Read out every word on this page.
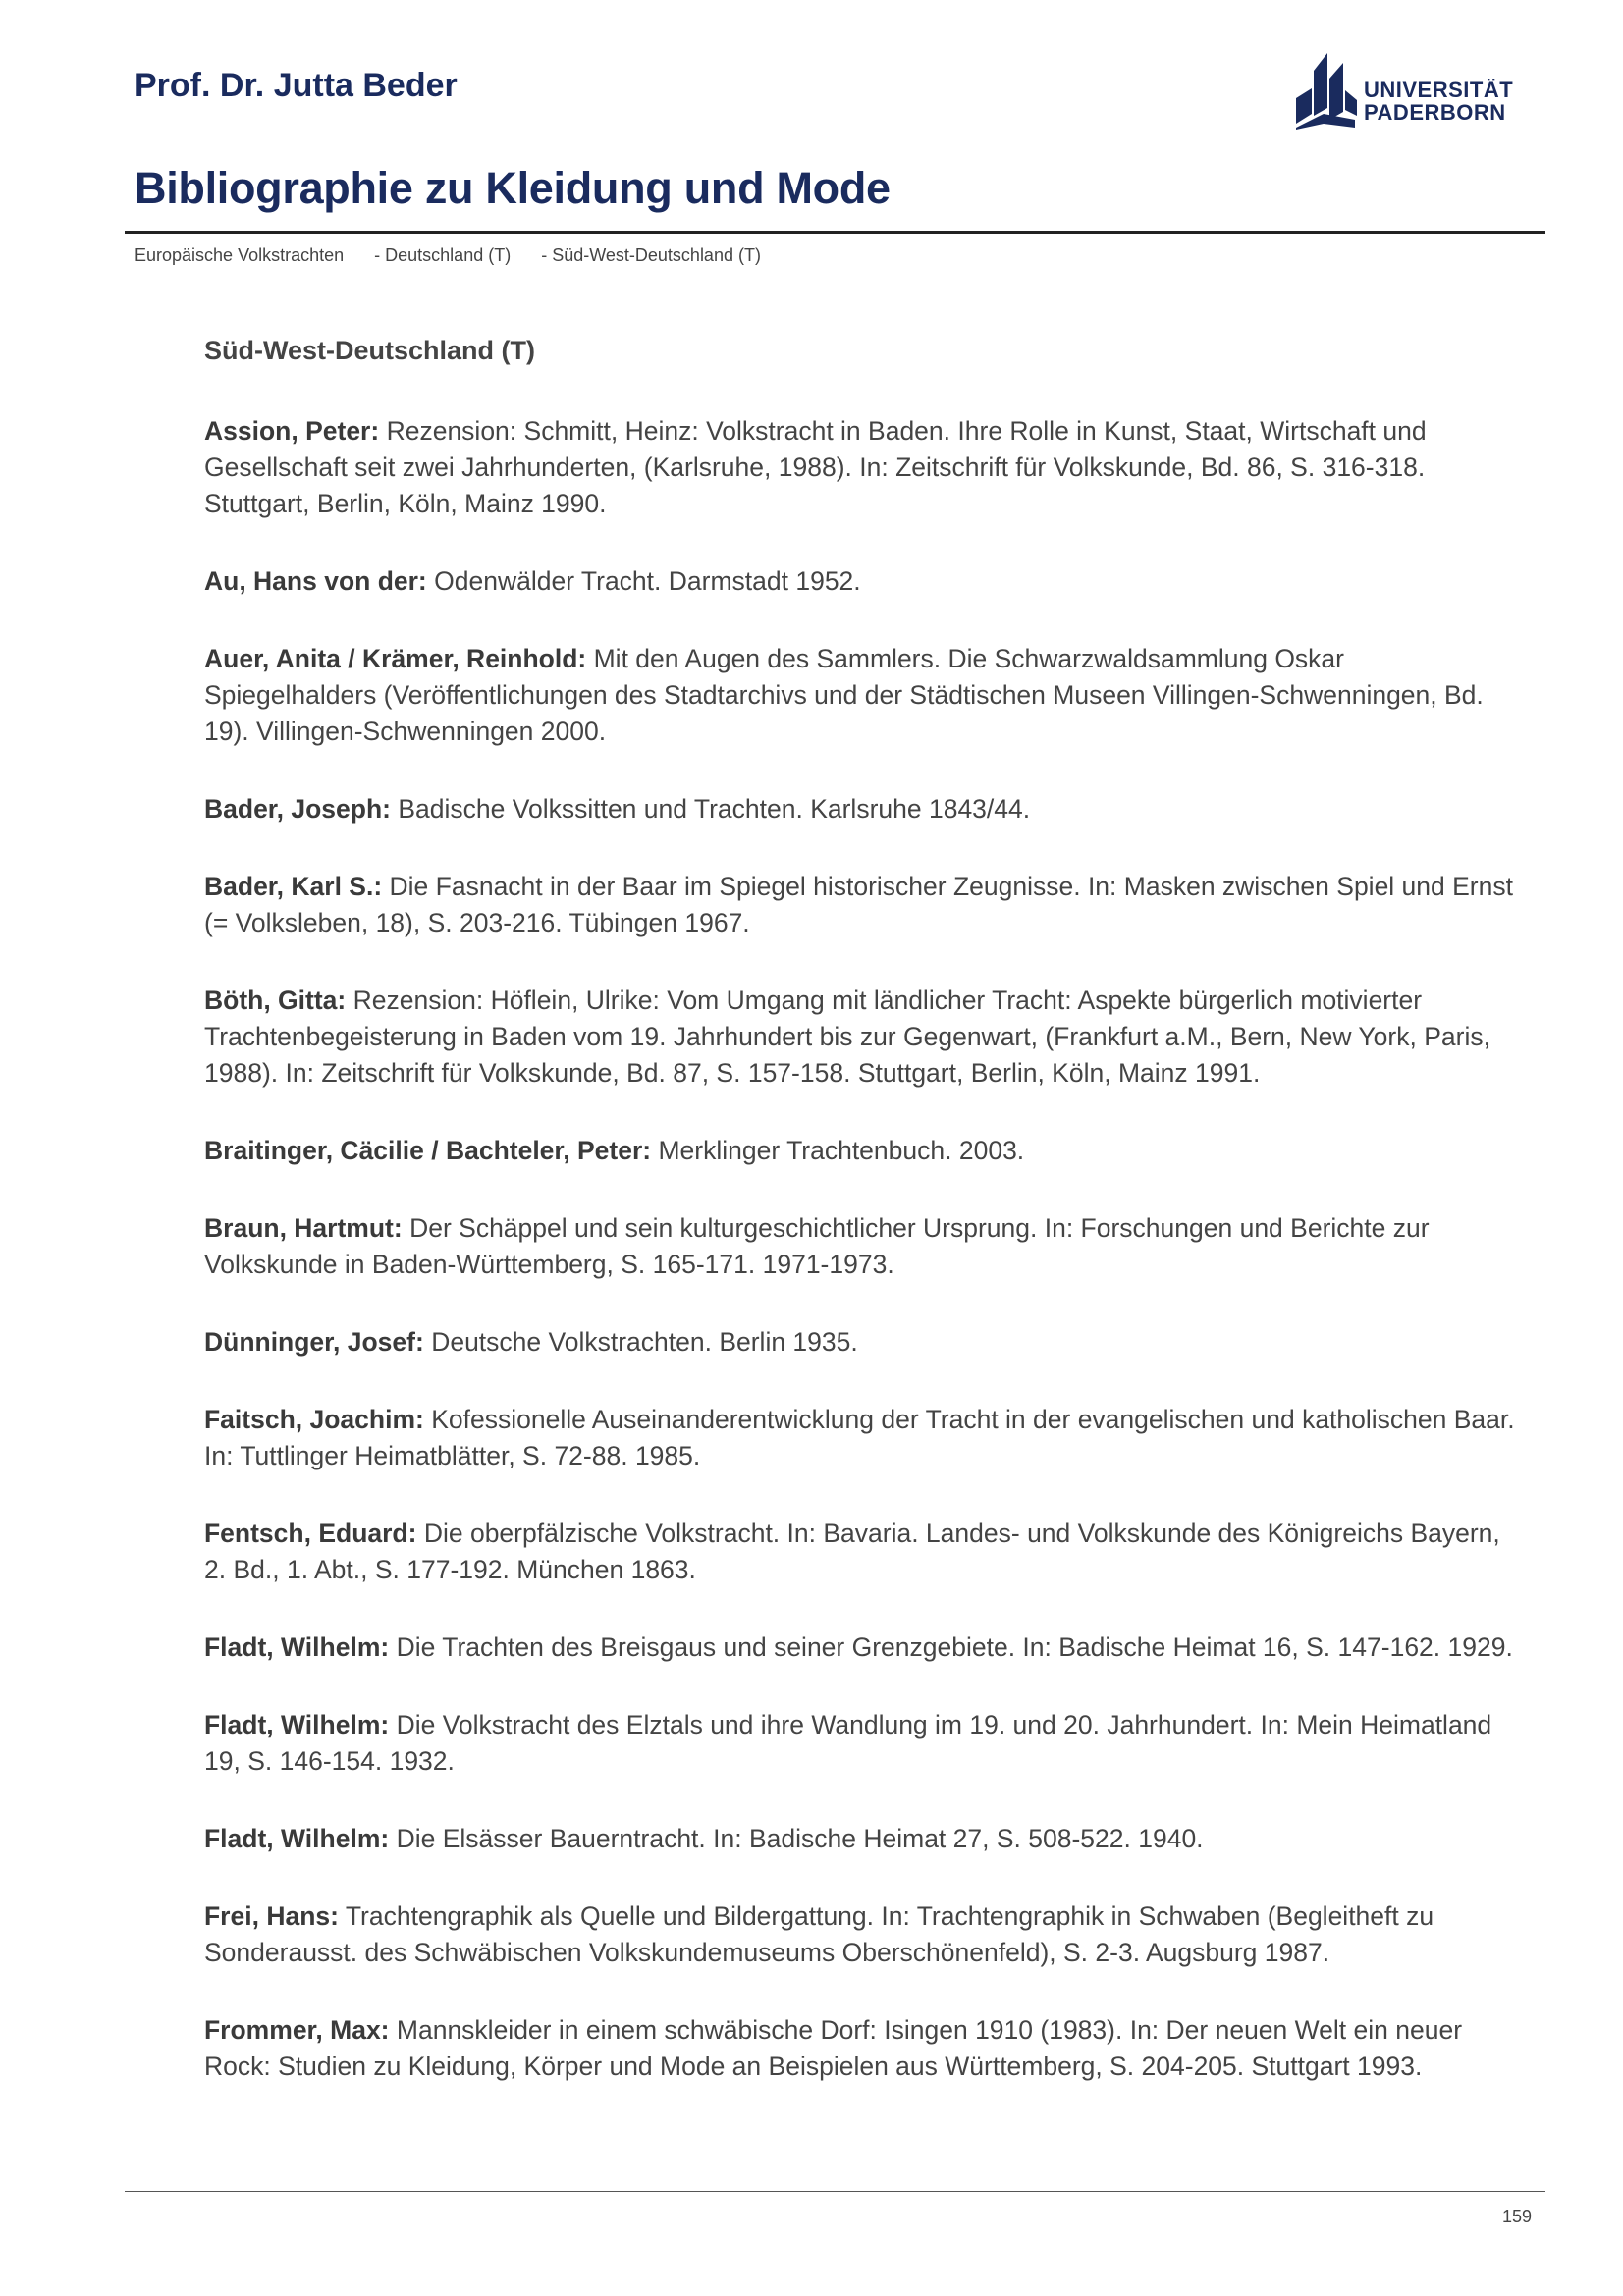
Prof. Dr. Jutta Beder	UNIVERSITÄT
PADERBORN
Bibliographie zu Kleidung und Mode
Europäische Volkstrachten - Deutschland (T) - Süd-West-Deutschland (T)
Süd-West-Deutschland (T)

Assion, Peter: Rezension: Schmitt, Heinz: Volkstracht in Baden. Ihre Rolle in Kunst, Staat, Wirtschaft und Gesellschaft seit zwei Jahrhunderten, (Karlsruhe, 1988). In: Zeitschrift für Volkskunde, Bd. 86, S. 316-318. Stuttgart, Berlin, Köln, Mainz 1990.

Au, Hans von der: Odenwälder Tracht. Darmstadt 1952.

Auer, Anita / Krämer, Reinhold: Mit den Augen des Sammlers. Die Schwarzwaldsammlung Oskar Spiegelhalders (Veröffentlichungen des Stadtarchivs und der Städtischen Museen Villingen-Schwenningen, Bd. 19). Villingen-Schwenningen 2000.

Bader, Joseph: Badische Volkssitten und Trachten. Karlsruhe 1843/44.

Bader, Karl S.: Die Fasnacht in der Baar im Spiegel historischer Zeugnisse. In: Masken zwischen Spiel und Ernst (= Volksleben, 18), S. 203-216. Tübingen 1967.

Böth, Gitta: Rezension: Höflein, Ulrike: Vom Umgang mit ländlicher Tracht: Aspekte bürgerlich motivierter Trachtenbegeisterung in Baden vom 19. Jahrhundert bis zur Gegenwart, (Frankfurt a.M., Bern, New York, Paris, 1988). In: Zeitschrift für Volkskunde, Bd. 87, S. 157-158. Stuttgart, Berlin, Köln, Mainz 1991.

Braitinger, Cäcilie / Bachteler, Peter: Merklinger Trachtenbuch. 2003.

Braun, Hartmut: Der Schäppel und sein kulturgeschichtlicher Ursprung. In: Forschungen und Berichte zur Volkskunde in Baden-Württemberg, S. 165-171. 1971-1973.

Dünninger, Josef: Deutsche Volkstrachten. Berlin 1935.

Faitsch, Joachim: Kofessionelle Auseinanderentwicklung der Tracht in der evangelischen und katholischen Baar. In: Tuttlinger Heimatblätter, S. 72-88. 1985.

Fentsch, Eduard: Die oberpfälzische Volkstracht. In: Bavaria. Landes- und Volkskunde des Königreichs Bayern, 2. Bd., 1. Abt., S. 177-192. München 1863.

Fladt, Wilhelm: Die Trachten des Breisgaus und seiner Grenzgebiete. In: Badische Heimat 16, S. 147-162. 1929.

Fladt, Wilhelm: Die Volkstracht des Elztals und ihre Wandlung im 19. und 20. Jahrhundert. In: Mein Heimatland 19, S. 146-154. 1932.

Fladt, Wilhelm: Die Elsässer Bauerntracht. In: Badische Heimat 27, S. 508-522. 1940.

Frei, Hans: Trachtengraphik als Quelle und Bildergattung. In: Trachtengraphik in Schwaben (Begleitheft zu Sonderausst. des Schwäbischen Volkskundemuseums Oberschönenfeld), S. 2-3. Augsburg 1987.

Frommer, Max: Mannskleider in einem schwäbische Dorf: Isingen 1910 (1983). In: Der neuen Welt ein neuer Rock: Studien zu Kleidung, Körper und Mode an Beispielen aus Württemberg, S. 204-205. Stuttgart 1993.

159
